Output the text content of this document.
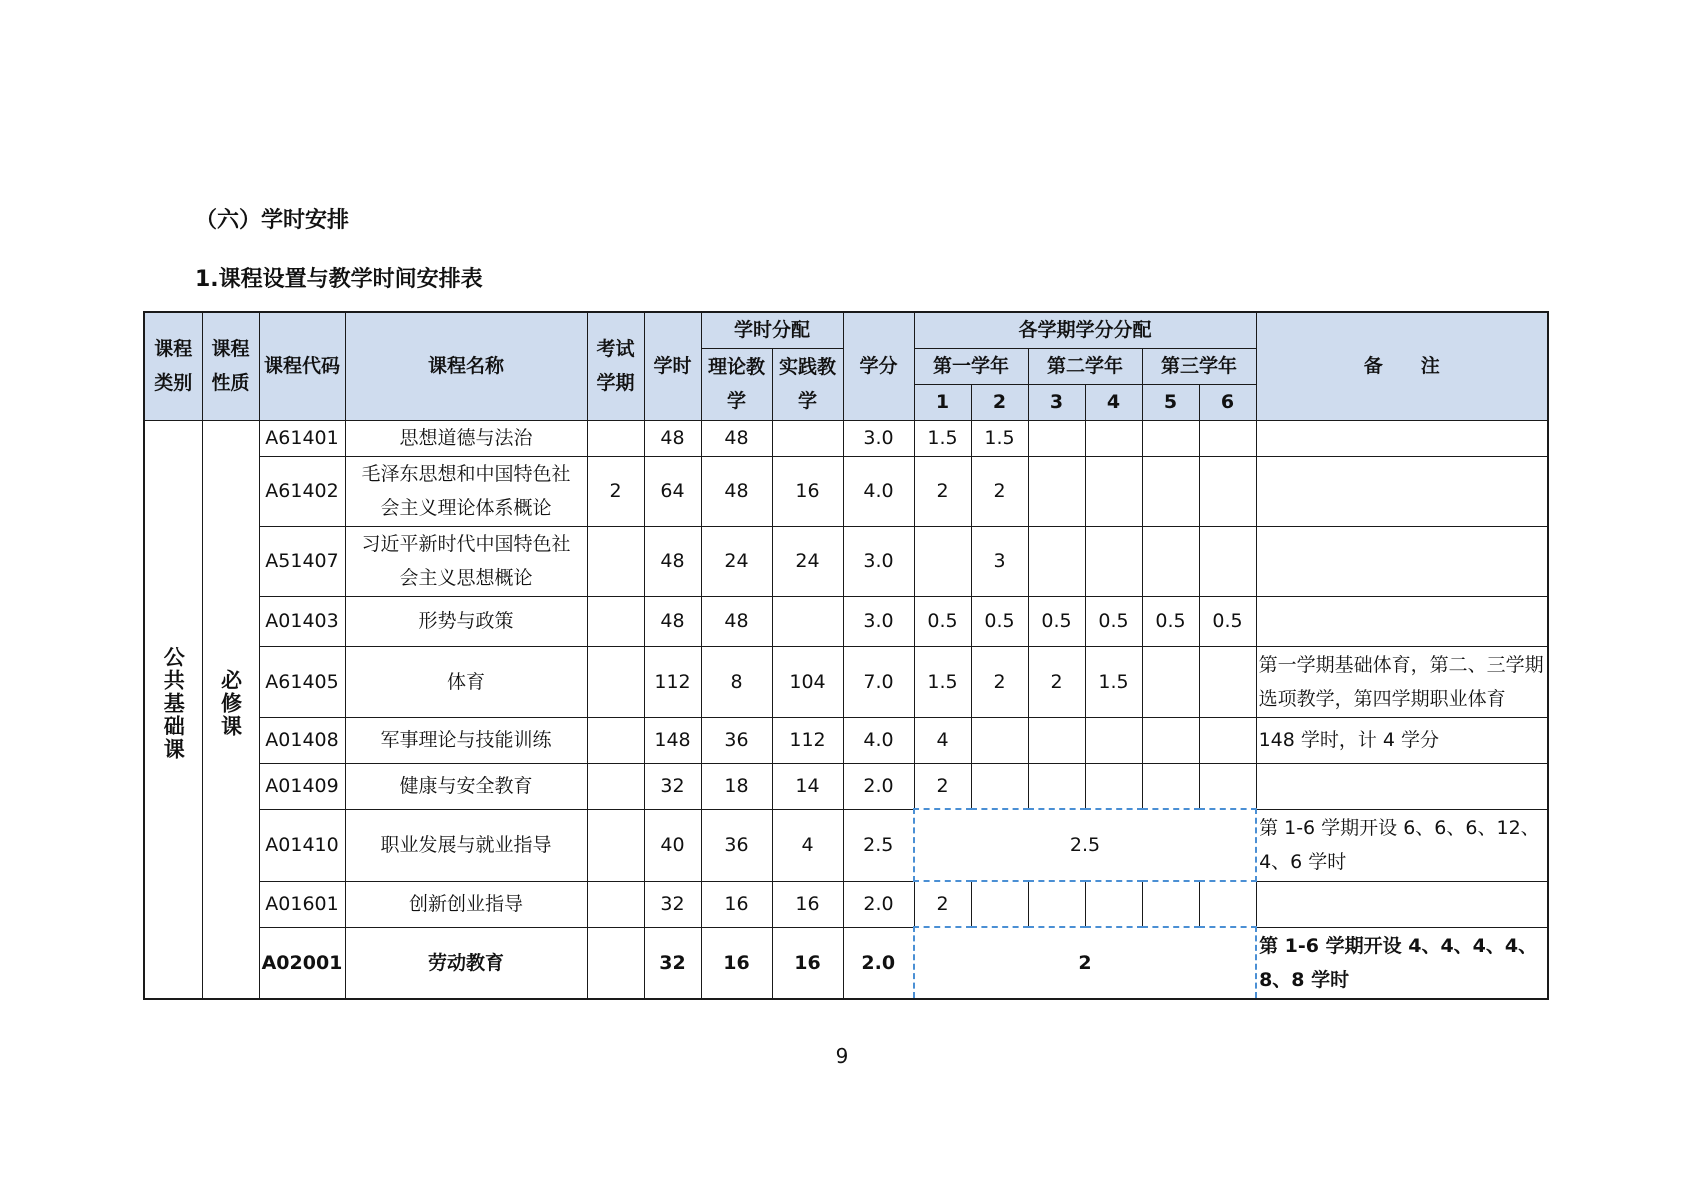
（六）学时安排
1.课程设置与教学时间安排表
课程类别	课程性质	课程代码	课程名称	考试学期	学时	学时分配		学分	各学期学分分配						备　　注
						理论教学	实践教学		第一学年		第二学年		第三学年		
									1	2	3	4	5	6	
公共基础课	必修课	A61401	思想道德与法治		48	48		3.0	1.5	1.5					
		A61402	毛泽东思想和中国特色社会主义理论体系概论	2	64	48	16	4.0	2	2					
		A51407	习近平新时代中国特色社会主义思想概论		48	24	24	3.0		3					
		A01403	形势与政策		48	48		3.0	0.5	0.5	0.5	0.5	0.5	0.5	
		A61405	体育		112	8	104	7.0	1.5	2	2	1.5			第一学期基础体育，第二、三学期选项教学，第四学期职业体育
		A01408	军事理论与技能训练		148	36	112	4.0	4						148 学时，计 4 学分
		A01409	健康与安全教育		32	18	14	2.0	2						
		A01410	职业发展与就业指导		40	36	4	2.5	2.5						第 1-6 学期开设 6、6、6、12、4、6 学时
		A01601	创新创业指导		32	16	16	2.0	2						
		A02001	劳动教育		32	16	16	2.0	2						第 1-6 学期开设 4、4、4、4、8、8 学时
9
